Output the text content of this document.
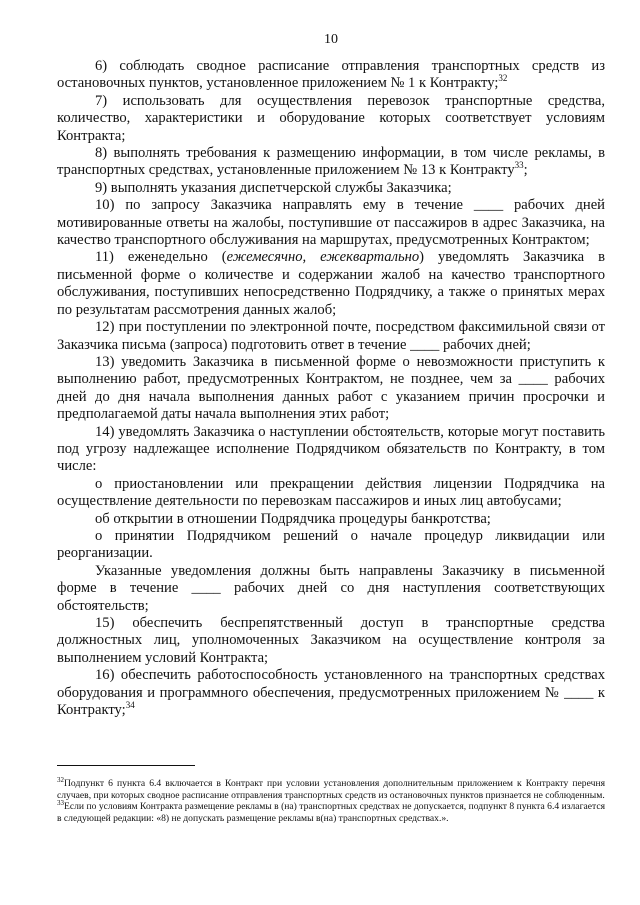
10

6) соблюдать сводное расписание отправления транспортных средств из остановочных пунктов, установленное приложением № 1 к Контракту;$^{32}$

7) использовать для осуществления перевозок транспортные средства, количество, характеристики и оборудование которых соответствует условиям Контракта;

8) выполнять требования к размещению информации, в том числе рекламы, в транспортных средствах, установленные приложением № 13 к Контракту$^{33}$;

9) выполнять указания диспетчерской службы Заказчика;

10) по запросу Заказчика направлять ему в течение ____ рабочих дней мотивированные ответы на жалобы, поступившие от пассажиров в адрес Заказчика, на качество транспортного обслуживания на маршрутах, предусмотренных Контрактом;

11) еженедельно (ежемесячно, ежеквартально) уведомлять Заказчика в письменной форме о количестве и содержании жалоб на качество транспортного обслуживания, поступивших непосредственно Подрядчику, а также о принятых мерах по результатам рассмотрения данных жалоб;

12) при поступлении по электронной почте, посредством факсимильной связи от Заказчика письма (запроса) подготовить ответ в течение ____ рабочих дней;

13) уведомить Заказчика в письменной форме о невозможности приступить к выполнению работ, предусмотренных Контрактом, не позднее, чем за ____ рабочих дней до дня начала выполнения данных работ с указанием причин просрочки и предполагаемой даты начала выполнения этих работ;

14) уведомлять Заказчика о наступлении обстоятельств, которые могут поставить под угрозу надлежащее исполнение Подрядчиком обязательств по Контракту, в том числе:

о приостановлении или прекращении действия лицензии Подрядчика на осуществление деятельности по перевозкам пассажиров и иных лиц автобусами;

об открытии в отношении Подрядчика процедуры банкротства;

о принятии Подрядчиком решений о начале процедур ликвидации или реорганизации.

Указанные уведомления должны быть направлены Заказчику в письменной форме в течение ____ рабочих дней со дня наступления соответствующих обстоятельств;

15) обеспечить беспрепятственный доступ в транспортные средства должностных лиц, уполномоченных Заказчиком на осуществление контроля за выполнением условий Контракта;

16) обеспечить работоспособность установленного на транспортных средствах оборудования и программного обеспечения, предусмотренных приложением № ____ к Контракту;$^{34}$

$^{32}$Подпункт 6 пункта 6.4 включается в Контракт при условии установления дополнительным приложением к Контракту перечня случаев, при которых сводное расписание отправления транспортных средств из остановочных пунктов признается не соблюденным.

$^{33}$Если по условиям Контракта размещение рекламы в (на) транспортных средствах не допускается, подпункт 8 пункта 6.4 излагается в следующей редакции: «8) не допускать размещение рекламы в(на) транспортных средствах.».
